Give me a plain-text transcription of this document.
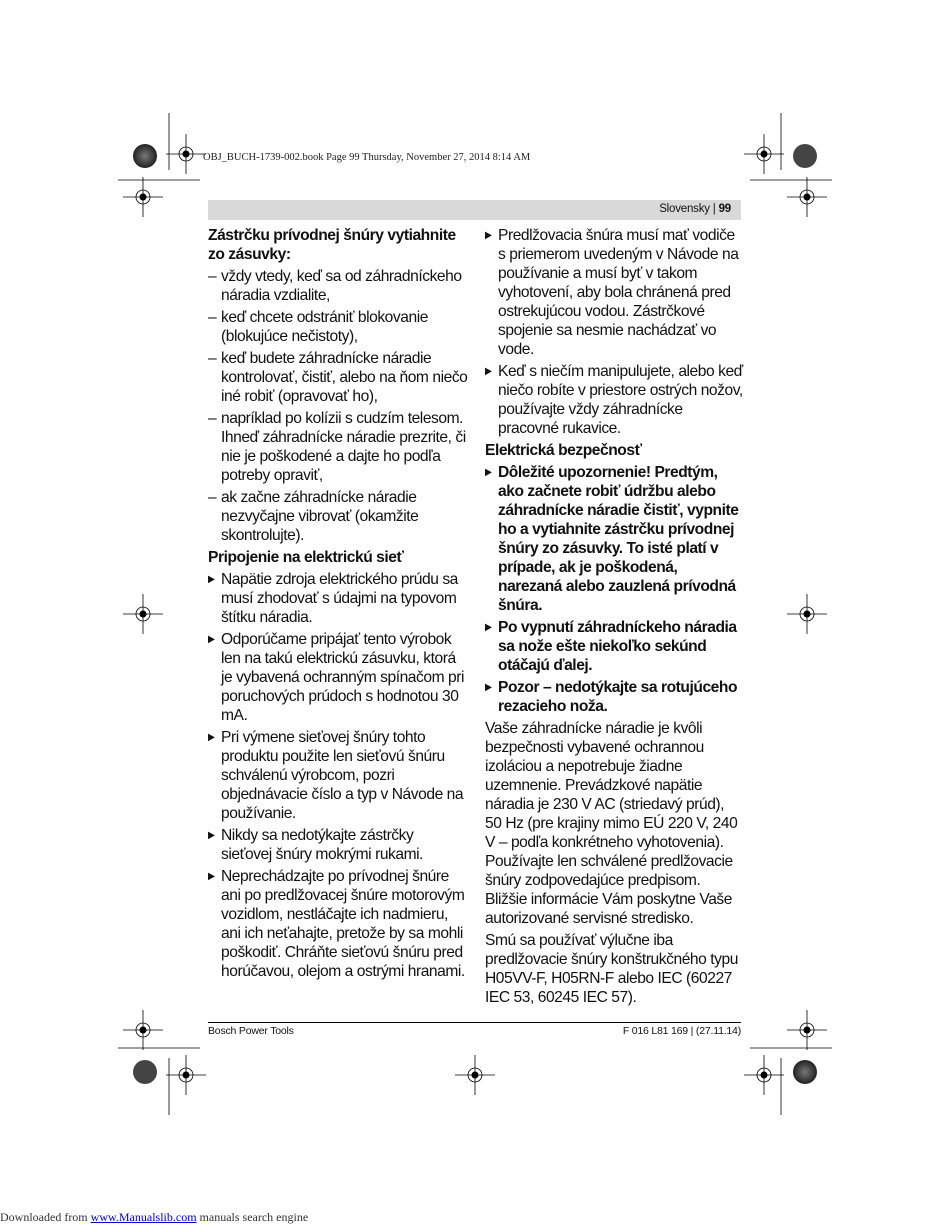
OBJ_BUCH-1739-002.book Page 99 Thursday, November 27, 2014 8:14 AM
Slovensky | 99
Zástrčku prívodnej šnúry vytiahnite zo zásuvky:
– vždy vtedy, keď sa od záhradníckeho náradia vzdialite,
– keď chcete odstrániť blokovanie (blokujúce nečistoty),
– keď budete záhradnícke náradie kontrolovať, čistiť, alebo na ňom niečo iné robiť (opravovať ho),
– napríklad po kolízii s cudzím telesom. Ihneď záhradnícke náradie prezrite, či nie je poškodené a dajte ho podľa potreby opraviť,
– ak začne záhradnícke náradie nezvyčajne vibrovať (okamžite skontrolujte).
Pripojenie na elektrickú sieť
▶ Napätie zdroja elektrického prúdu sa musí zhodovať s údajmi na typovom štítku náradia.
▶ Odporúčame pripájať tento výrobok len na takú elektrickú zásuvku, ktorá je vybavená ochranným spínačom pri poruchových prúdoch s hodnotou 30 mA.
▶ Pri výmene sieťovej šnúry tohto produktu použite len sieťovú šnúru schválenú výrobcom, pozri objednávacie číslo a typ v Návode na používanie.
▶ Nikdy sa nedotýkajte zástrčky sieťovej šnúry mokrými rukami.
▶ Neprechádzajte po prívodnej šnúre ani po predlžovacej šnúre motorovým vozidlom, nestláčajte ich nadmieru, ani ich neťahajte, pretože by sa mohli poškodiť. Chráňte sieťovú šnúru pred horúčavou, olejom a ostrými hranami.
▶ Predlžovacia šnúra musí mať vodiče s priemerom uvedeným v Návode na používanie a musí byť v takom vyhotovení, aby bola chránená pred ostrekujúcou vodou. Zástrčkové spojenie sa nesmie nachádzať vo vode.
▶ Keď s niečím manipulujete, alebo keď niečo robíte v priestore ostrých nožov, používajte vždy záhradnícke pracovné rukavice.
Elektrická bezpečnosť
▶ Dôležité upozornenie! Predtým, ako začnete robiť údržbu alebo záhradnícke náradie čistiť, vypnite ho a vytiahnite zástrčku prívodnej šnúry zo zásuvky. To isté platí v prípade, ak je poškodená, narezaná alebo zauzlená prívodná šnúra.
▶ Po vypnutí záhradníckeho náradia sa nože ešte niekoľko sekúnd otáčajú ďalej.
▶ Pozor – nedotýkajte sa rotujúceho rezacieho noža.

Vaše záhradnícke náradie je kvôli bezpečnosti vybavené ochrannou izoláciou a nepotrebuje žiadne uzemnenie. Prevádzkové napätie náradia je 230 V AC (striedavý prúd), 50 Hz (pre krajiny mimo EÚ 220 V, 240 V – podľa konkrétneho vyhotovenia). Používajte len schválené predlžovacie šnúry zodpovedajúce predpisom. Bližšie informácie Vám poskytne Vaše autorizované servisné stredisko.

Smú sa používať výlučne iba predlžovacie šnúry konštrukčného typu H05VV-F, H05RN-F alebo IEC (60227 IEC 53, 60245 IEC 57).

Bosch Power Tools	F 016 L81 169 | (27.11.14)
Downloaded from www.Manualslib.com manuals search engine
